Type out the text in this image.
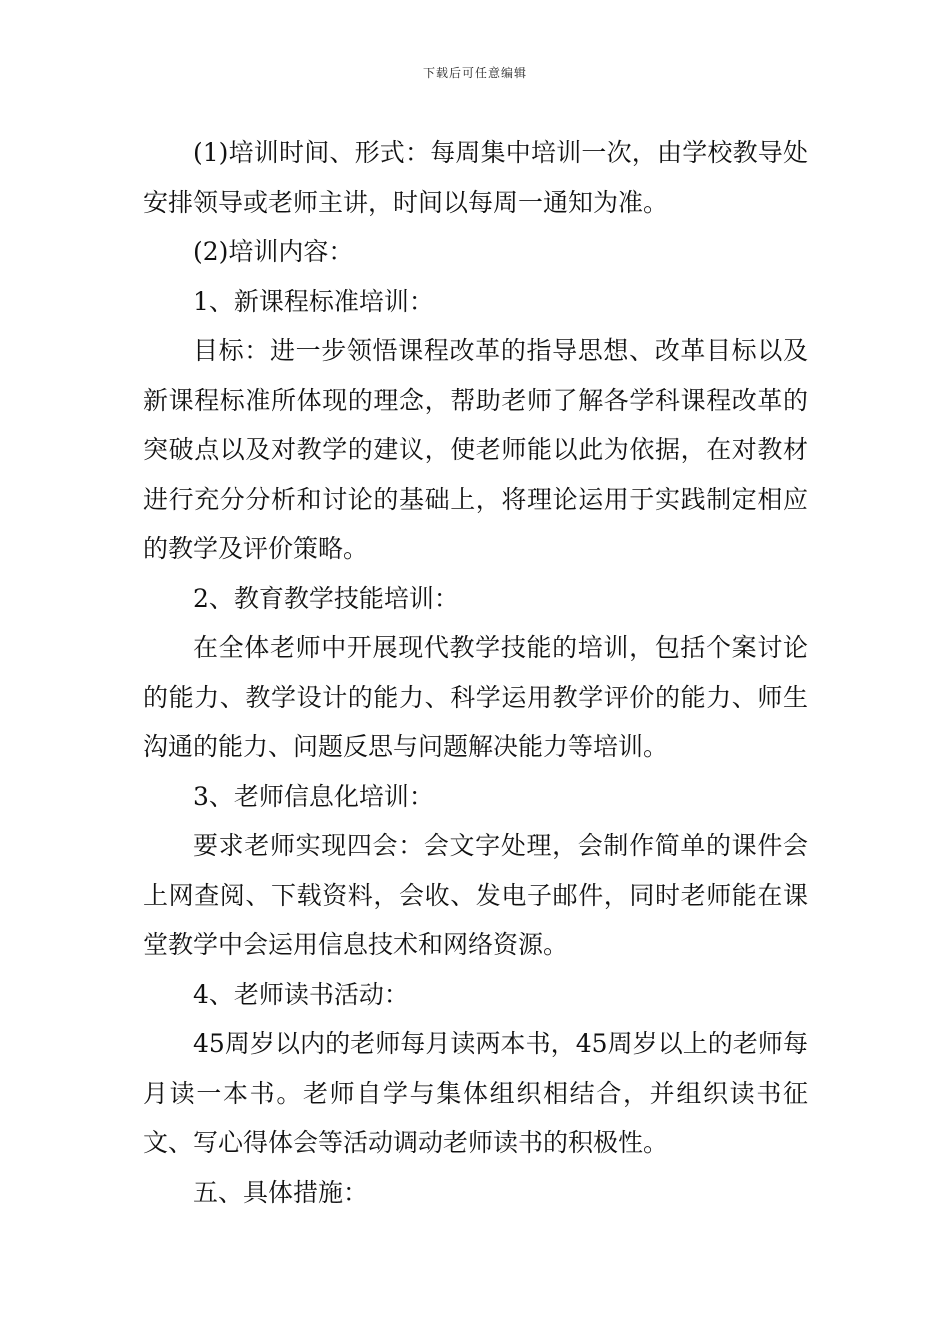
下载后可任意编辑

(1)培训时间、形式：每周集中培训一次，由学校教导处安排领导或老师主讲，时间以每周一通知为准。

(2)培训内容：

1、新课程标准培训：

目标：进一步领悟课程改革的指导思想、改革目标以及新课程标准所体现的理念，帮助老师了解各学科课程改革的突破点以及对教学的建议，使老师能以此为依据，在对教材进行充分分析和讨论的基础上，将理论运用于实践制定相应的教学及评价策略。

2、教育教学技能培训：

在全体老师中开展现代教学技能的培训，包括个案讨论的能力、教学设计的能力、科学运用教学评价的能力、师生沟通的能力、问题反思与问题解决能力等培训。

3、老师信息化培训：

要求老师实现四会：会文字处理，会制作简单的课件会上网查阅、下载资料，会收、发电子邮件，同时老师能在课堂教学中会运用信息技术和网络资源。

4、老师读书活动：

45周岁以内的老师每月读两本书，45周岁以上的老师每月读一本书。老师自学与集体组织相结合，并组织读书征文、写心得体会等活动调动老师读书的积极性。

五、具体措施：
